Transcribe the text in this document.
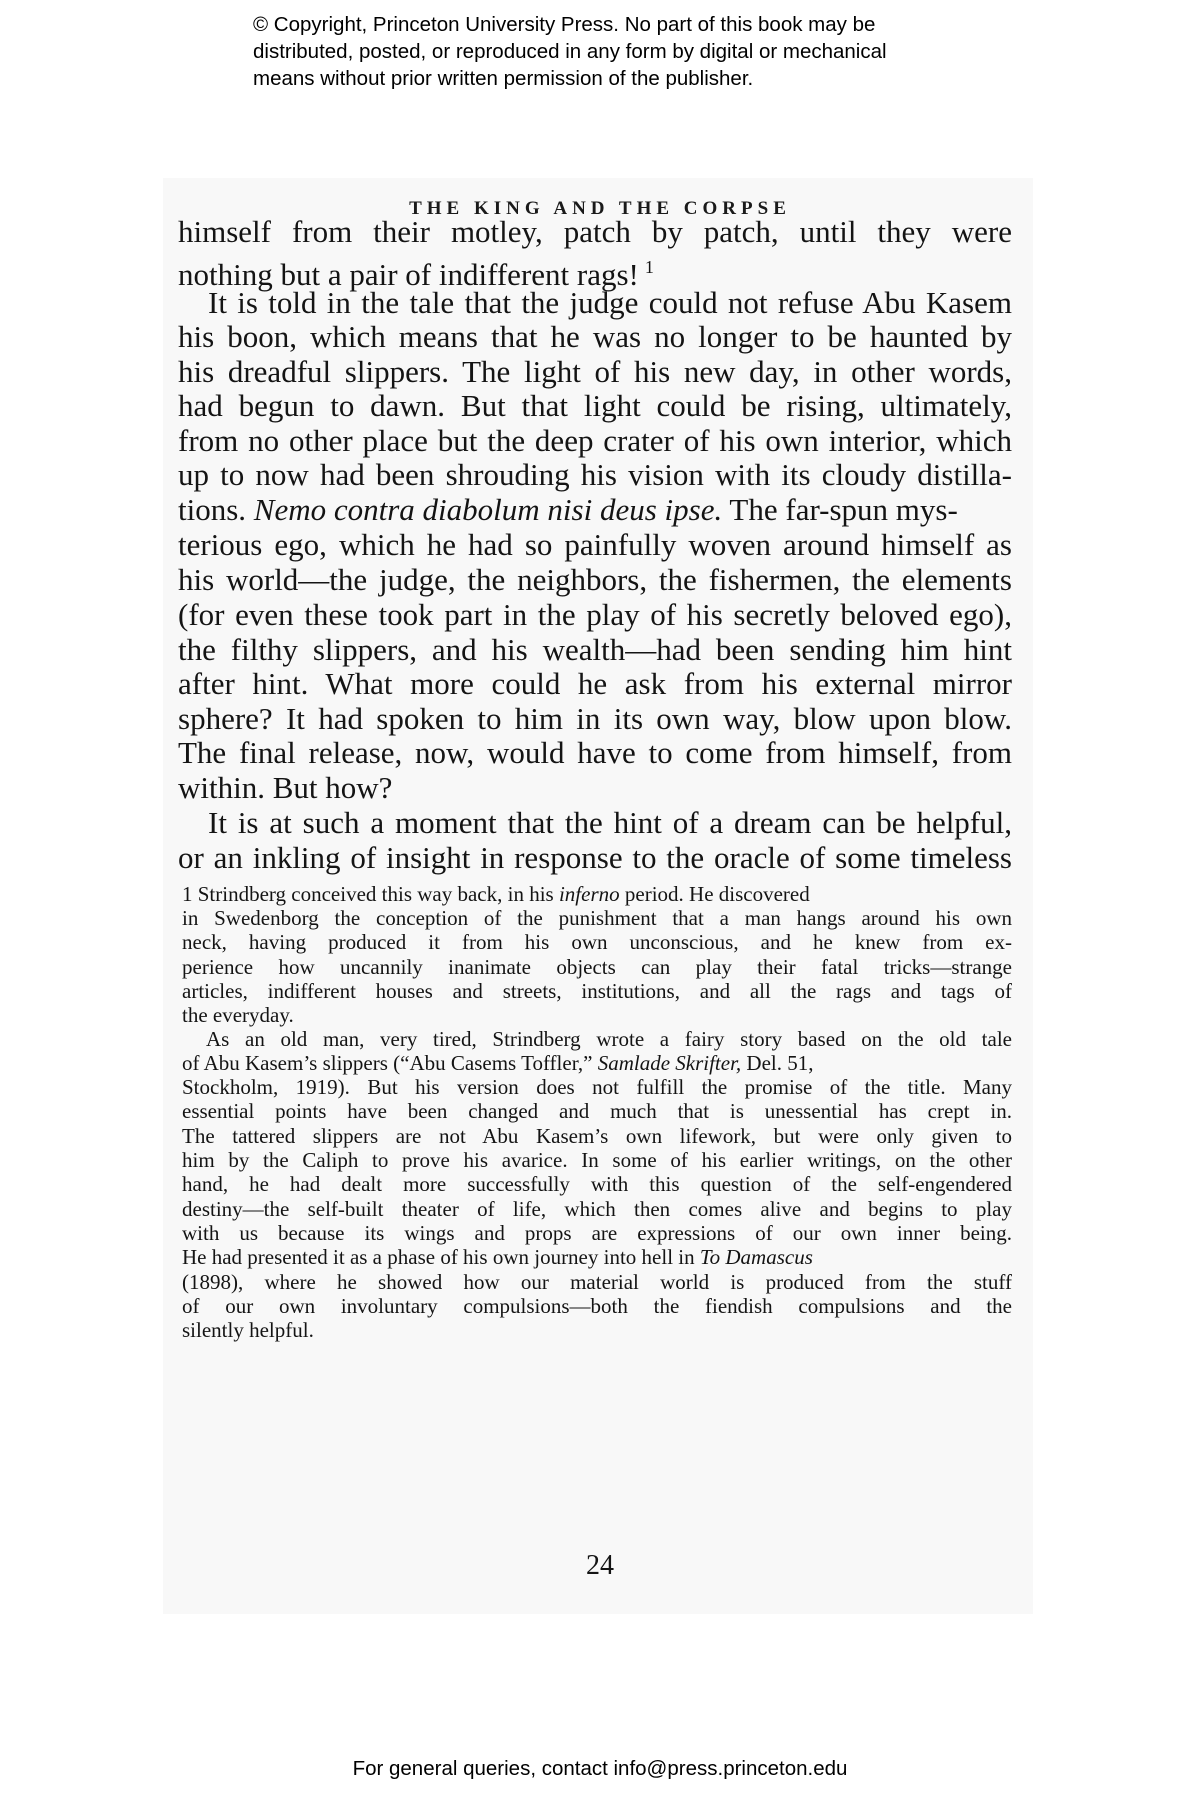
© Copyright, Princeton University Press. No part of this book may be
distributed, posted, or reproduced in any form by digital or mechanical
means without prior written permission of the publisher.
THE KING AND THE CORPSE
himself from their motley, patch by patch, until they were
nothing but a pair of indifferent rags! $^1$
It is told in the tale that the judge could not refuse Abu Kasem
his boon, which means that he was no longer to be haunted by
his dreadful slippers. The light of his new day, in other words,
had begun to dawn. But that light could be rising, ultimately,
from no other place but the deep crater of his own interior, which
up to now had been shrouding his vision with its cloudy distilla-
tions. Nemo contra diabolum nisi deus ipse. The far-spun mys-
terious ego, which he had so painfully woven around himself as
his world—the judge, the neighbors, the fishermen, the elements
(for even these took part in the play of his secretly beloved ego),
the filthy slippers, and his wealth—had been sending him hint
after hint. What more could he ask from his external mirror
sphere? It had spoken to him in its own way, blow upon blow.
The final release, now, would have to come from himself, from
within. But how?
It is at such a moment that the hint of a dream can be helpful,
or an inkling of insight in response to the oracle of some timeless
1 Strindberg conceived this way back, in his inferno period. He discovered
in Swedenborg the conception of the punishment that a man hangs around his own
neck, having produced it from his own unconscious, and he knew from ex-
perience how uncannily inanimate objects can play their fatal tricks—strange
articles, indifferent houses and streets, institutions, and all the rags and tags of
the everyday.
As an old man, very tired, Strindberg wrote a fairy story based on the old tale
of Abu Kasem’s slippers (“Abu Casems Toffler,” Samlade Skrifter, Del. 51,
Stockholm, 1919). But his version does not fulfill the promise of the title. Many
essential points have been changed and much that is unessential has crept in.
The tattered slippers are not Abu Kasem’s own lifework, but were only given to
him by the Caliph to prove his avarice. In some of his earlier writings, on the other
hand, he had dealt more successfully with this question of the self-engendered
destiny—the self-built theater of life, which then comes alive and begins to play
with us because its wings and props are expressions of our own inner being.
He had presented it as a phase of his own journey into hell in To Damascus
(1898), where he showed how our material world is produced from the stuff
of our own involuntary compulsions—both the fiendish compulsions and the
silently helpful.
24
For general queries, contact info@press.princeton.edu
